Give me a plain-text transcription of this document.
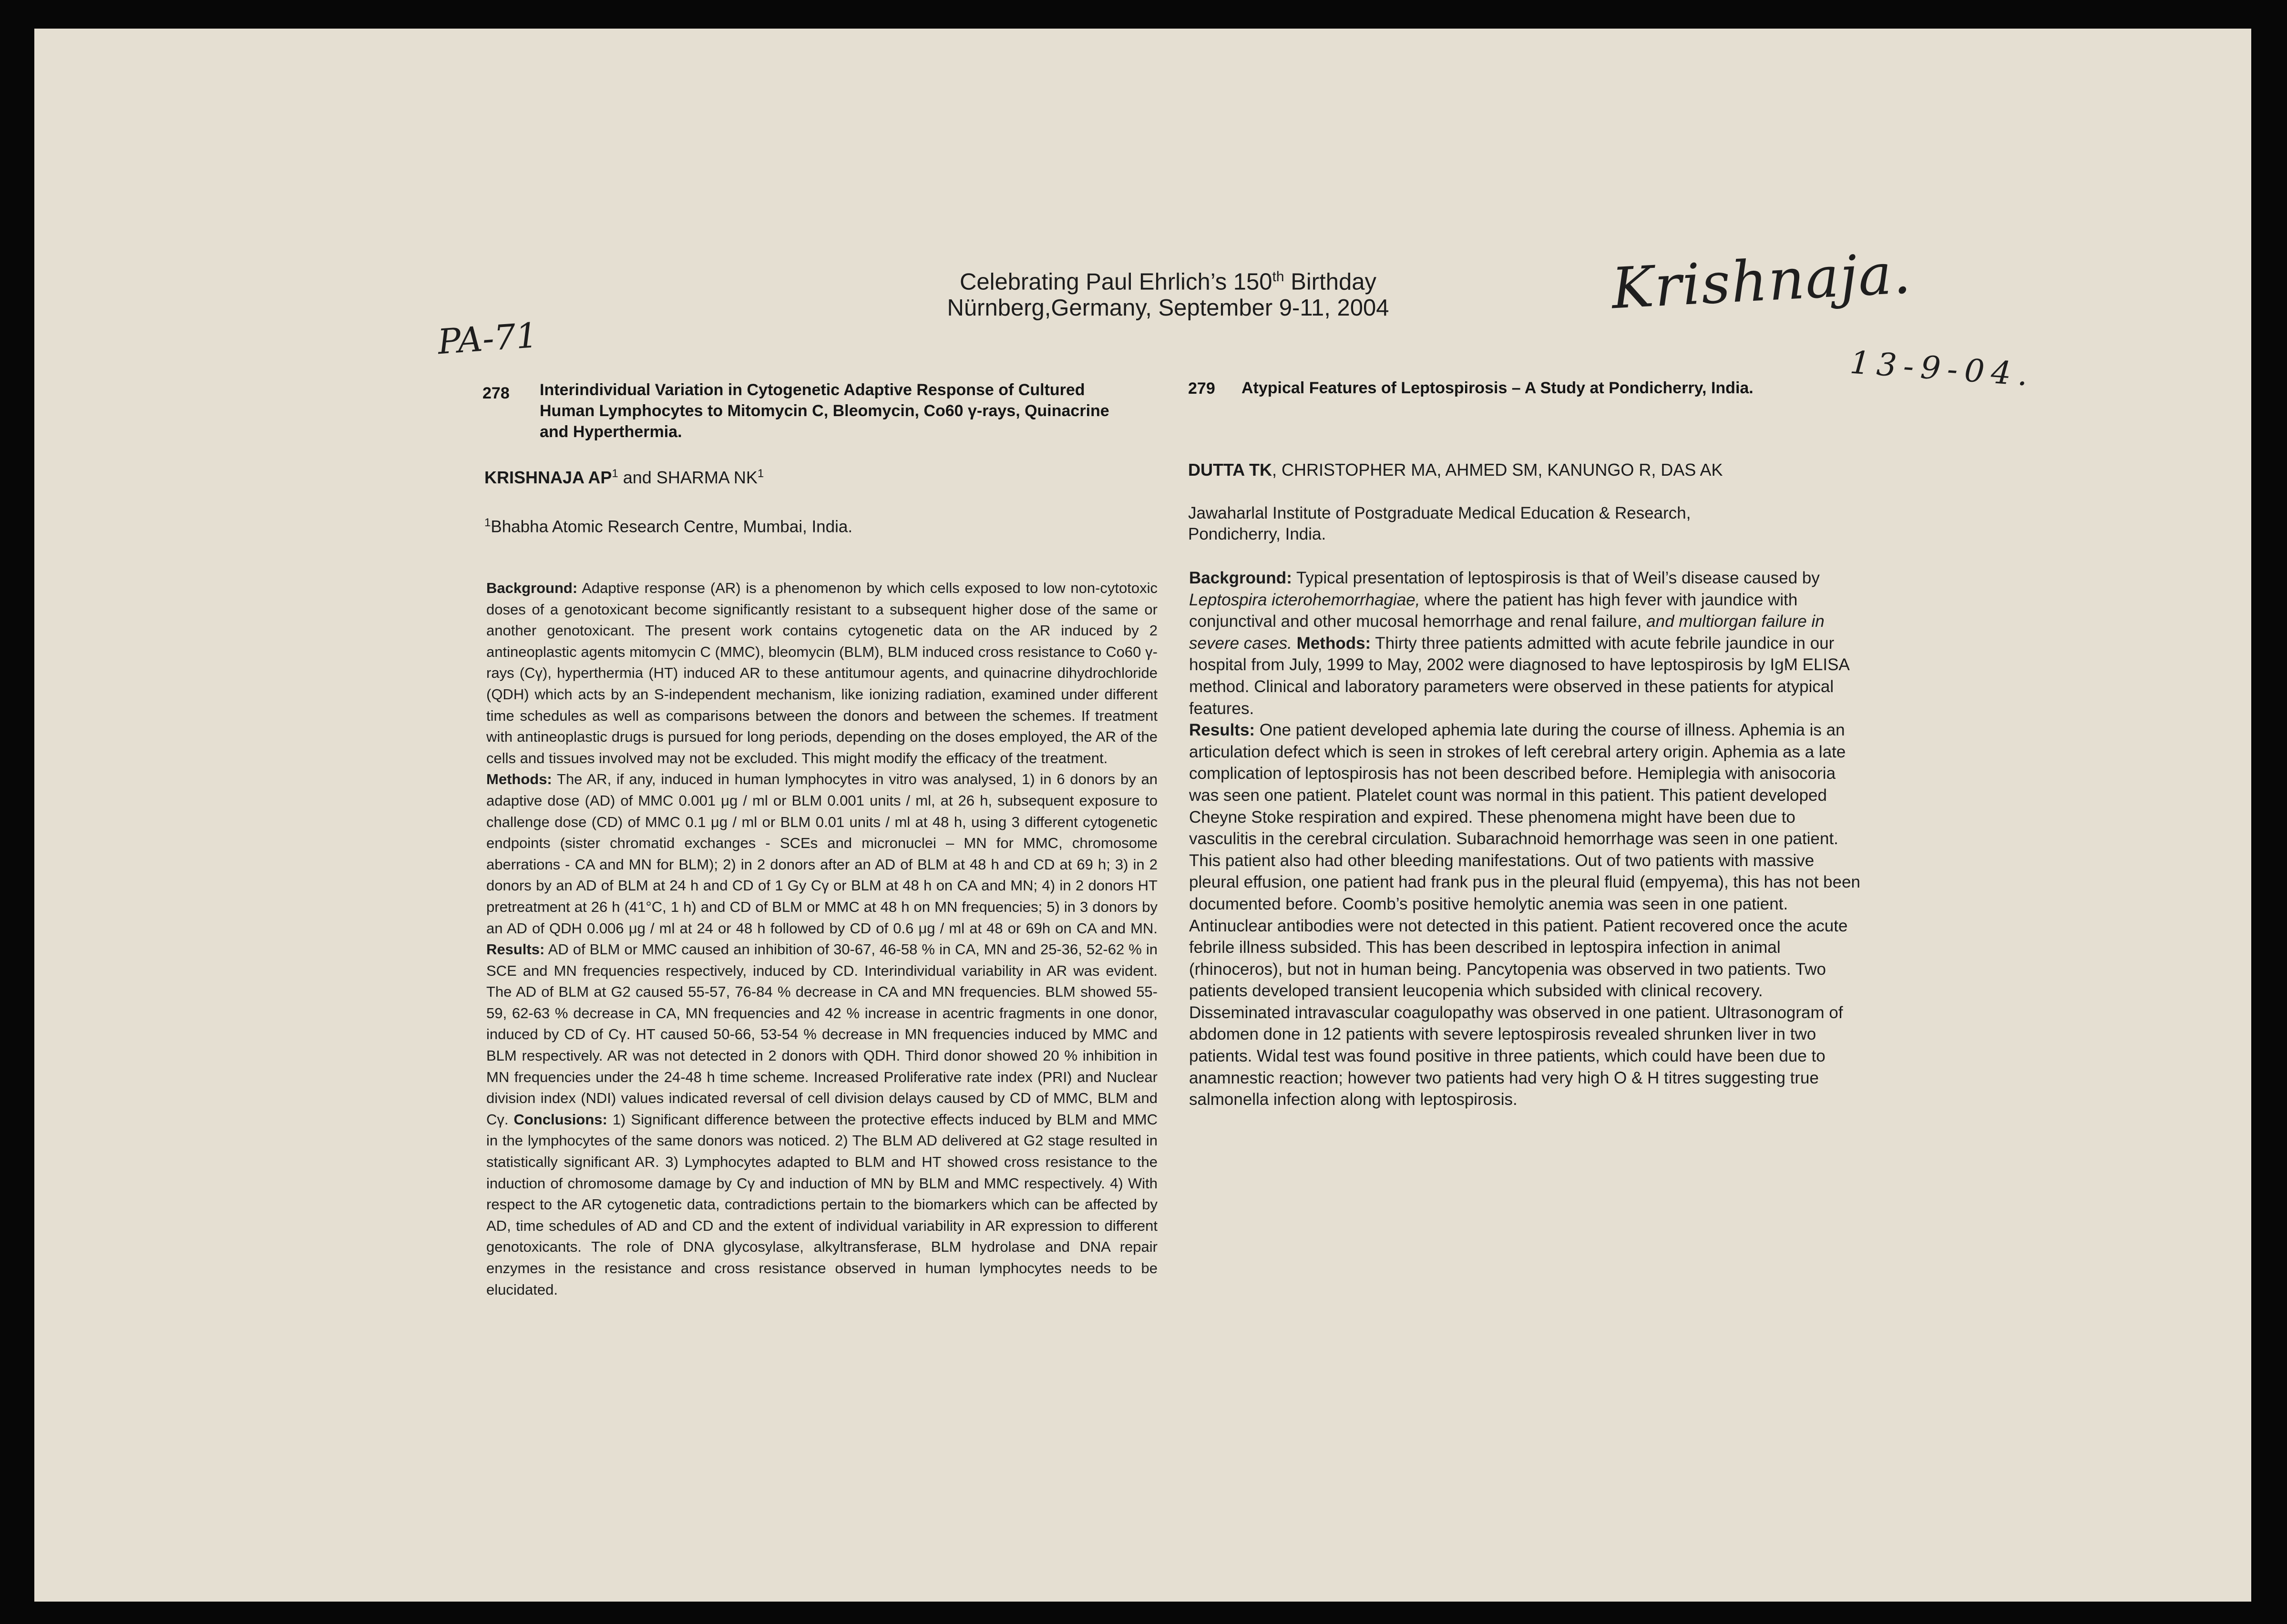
Celebrating Paul Ehrlich’s 150th Birthday
Nürnberg,Germany, September 9-11, 2004
PA-71
Krishnaja.
13-9-04.
278 Interindividual Variation in Cytogenetic Adaptive Response of Cultured Human Lymphocytes to Mitomycin C, Bleomycin, Co60 γ-rays, Quinacrine and Hyperthermia.
KRISHNAJA $AP^1$ and SHARMA $NK^1$
$^1$Bhabha Atomic Research Centre, Mumbai, India.
Background: Adaptive response (AR) is a phenomenon by which cells exposed to low non-cytotoxic doses of a genotoxicant become significantly resistant to a subsequent higher dose of the same or another genotoxicant. The present work contains cytogenetic data on the AR induced by 2 antineoplastic agents mitomycin C (MMC), bleomycin (BLM), BLM induced cross resistance to Co60 γ-rays (Cγ), hyperthermia (HT) induced AR to these antitumour agents, and quinacrine dihydrochloride (QDH) which acts by an S-independent mechanism, like ionizing radiation, examined under different time schedules as well as comparisons between the donors and between the schemes. If treatment with antineoplastic drugs is pursued for long periods, depending on the doses employed, the AR of the cells and tissues involved may not be excluded. This might modify the efficacy of the treatment.
Methods: The AR, if any, induced in human lymphocytes in vitro was analysed, 1) in 6 donors by an adaptive dose (AD) of MMC 0.001 μg / ml or BLM 0.001 units / ml, at 26 h, subsequent exposure to challenge dose (CD) of MMC 0.1 μg / ml or BLM 0.01 units / ml at 48 h, using 3 different cytogenetic endpoints (sister chromatid exchanges - SCEs and micronuclei – MN for MMC, chromosome aberrations - CA and MN for BLM); 2) in 2 donors after an AD of BLM at 48 h and CD at 69 h; 3) in 2 donors by an AD of BLM at 24 h and CD of 1 Gy Cγ or BLM at 48 h on CA and MN; 4) in 2 donors HT pretreatment at 26 h (41°C, 1 h) and CD of BLM or MMC at 48 h on MN frequencies; 5) in 3 donors by an AD of QDH 0.006 μg / ml at 24 or 48 h followed by CD of 0.6 μg / ml at 48 or 69h on CA and MN. Results: AD of BLM or MMC caused an inhibition of 30-67, 46-58 % in CA, MN and 25-36, 52-62 % in SCE and MN frequencies respectively, induced by CD. Interindividual variability in AR was evident. The AD of BLM at G2 caused 55-57, 76-84 % decrease in CA and MN frequencies. BLM showed 55-59, 62-63 % decrease in CA, MN frequencies and 42 % increase in acentric fragments in one donor, induced by CD of Cγ. HT caused 50-66, 53-54 % decrease in MN frequencies induced by MMC and BLM respectively. AR was not detected in 2 donors with QDH. Third donor showed 20 % inhibition in MN frequencies under the 24-48 h time scheme. Increased Proliferative rate index (PRI) and Nuclear division index (NDI) values indicated reversal of cell division delays caused by CD of MMC, BLM and Cγ. Conclusions: 1) Significant difference between the protective effects induced by BLM and MMC in the lymphocytes of the same donors was noticed. 2) The BLM AD delivered at G2 stage resulted in statistically significant AR. 3) Lymphocytes adapted to BLM and HT showed cross resistance to the induction of chromosome damage by Cγ and induction of MN by BLM and MMC respectively. 4) With respect to the AR cytogenetic data, contradictions pertain to the biomarkers which can be affected by AD, time schedules of AD and CD and the extent of individual variability in AR expression to different genotoxicants. The role of DNA glycosylase, alkyltransferase, BLM hydrolase and DNA repair enzymes in the resistance and cross resistance observed in human lymphocytes needs to be elucidated.
279 Atypical Features of Leptospirosis – A Study at Pondicherry, India.
DUTTA TK, CHRISTOPHER MA, AHMED SM, KANUNGO R, DAS AK
Jawaharlal Institute of Postgraduate Medical Education & Research,
Pondicherry, India.
Background: Typical presentation of leptospirosis is that of Weil’s disease caused by Leptospira icterohemorrhagiae, where the patient has high fever with jaundice with conjunctival and other mucosal hemorrhage and renal failure, and multiorgan failure in severe cases. Methods: Thirty three patients admitted with acute febrile jaundice in our hospital from July, 1999 to May, 2002 were diagnosed to have leptospirosis by IgM ELISA method. Clinical and laboratory parameters were observed in these patients for atypical features.
Results: One patient developed aphemia late during the course of illness. Aphemia is an articulation defect which is seen in strokes of left cerebral artery origin. Aphemia as a late complication of leptospirosis has not been described before. Hemiplegia with anisocoria was seen one patient. Platelet count was normal in this patient. This patient developed Cheyne Stoke respiration and expired. These phenomena might have been due to vasculitis in the cerebral circulation. Subarachnoid hemorrhage was seen in one patient. This patient also had other bleeding manifestations. Out of two patients with massive pleural effusion, one patient had frank pus in the pleural fluid (empyema), this has not been documented before. Coomb’s positive hemolytic anemia was seen in one patient. Antinuclear antibodies were not detected in this patient. Patient recovered once the acute febrile illness subsided. This has been described in leptospira infection in animal (rhinoceros), but not in human being. Pancytopenia was observed in two patients. Two patients developed transient leucopenia which subsided with clinical recovery. Disseminated intravascular coagulopathy was observed in one patient. Ultrasonogram of abdomen done in 12 patients with severe leptospirosis revealed shrunken liver in two patients. Widal test was found positive in three patients, which could have been due to anamnestic reaction; however two patients had very high O & H titres suggesting true salmonella infection along with leptospirosis.
